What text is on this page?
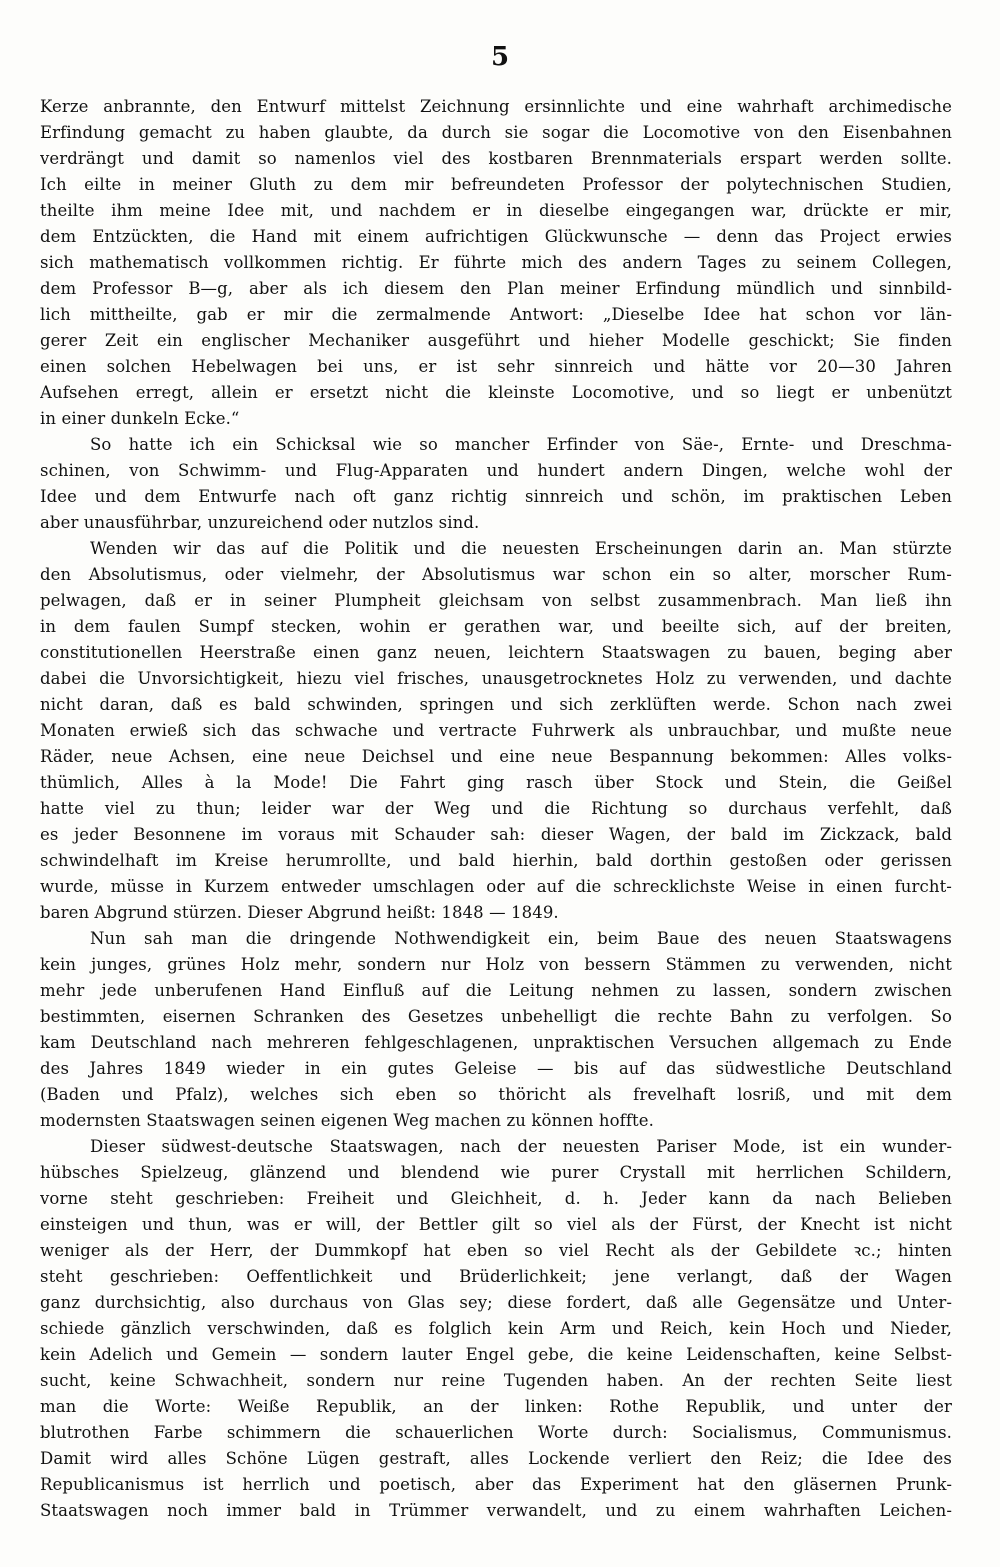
5
Kerze anbrannte, den Entwurf mittelst Zeichnung ersinnlichte und eine wahrhaft archimedische
Erfindung gemacht zu haben glaubte, da durch sie sogar die Locomotive von den Eisenbahnen
verdrängt und damit so namenlos viel des kostbaren Brennmaterials erspart werden sollte.
Ich eilte in meiner Gluth zu dem mir befreundeten Professor der polytechnischen Studien,
theilte ihm meine Idee mit, und nachdem er in dieselbe eingegangen war, drückte er mir,
dem Entzückten, die Hand mit einem aufrichtigen Glückwunsche — denn das Project erwies
sich mathematisch vollkommen richtig. Er führte mich des andern Tages zu seinem Collegen,
dem Professor B—g, aber als ich diesem den Plan meiner Erfindung mündlich und sinnbild-
lich mittheilte, gab er mir die zermalmende Antwort: „Dieselbe Idee hat schon vor län-
gerer Zeit ein englischer Mechaniker ausgeführt und hieher Modelle geschickt; Sie finden
einen solchen Hebelwagen bei uns, er ist sehr sinnreich und hätte vor 20—30 Jahren
Aufsehen erregt, allein er ersetzt nicht die kleinste Locomotive, und so liegt er unbenützt
in einer dunkeln Ecke.“
So hatte ich ein Schicksal wie so mancher Erfinder von Säe-, Ernte- und Dreschma-
schinen, von Schwimm- und Flug-Apparaten und hundert andern Dingen, welche wohl der
Idee und dem Entwurfe nach oft ganz richtig sinnreich und schön, im praktischen Leben
aber unausführbar, unzureichend oder nutzlos sind.
Wenden wir das auf die Politik und die neuesten Erscheinungen darin an. Man stürzte
den Absolutismus, oder vielmehr, der Absolutismus war schon ein so alter, morscher Rum-
pelwagen, daß er in seiner Plumpheit gleichsam von selbst zusammenbrach. Man ließ ihn
in dem faulen Sumpf stecken, wohin er gerathen war, und beeilte sich, auf der breiten,
constitutionellen Heerstraße einen ganz neuen, leichtern Staatswagen zu bauen, beging aber
dabei die Unvorsichtigkeit, hiezu viel frisches, unausgetrocknetes Holz zu verwenden, und dachte
nicht daran, daß es bald schwinden, springen und sich zerklüften werde. Schon nach zwei
Monaten erwieß sich das schwache und vertracte Fuhrwerk als unbrauchbar, und mußte neue
Räder, neue Achsen, eine neue Deichsel und eine neue Bespannung bekommen: Alles volks-
thümlich, Alles à la Mode! Die Fahrt ging rasch über Stock und Stein, die Geißel
hatte viel zu thun; leider war der Weg und die Richtung so durchaus verfehlt, daß
es jeder Besonnene im voraus mit Schauder sah: dieser Wagen, der bald im Zickzack, bald
schwindelhaft im Kreise herumrollte, und bald hierhin, bald dorthin gestoßen oder gerissen
wurde, müsse in Kurzem entweder umschlagen oder auf die schrecklichste Weise in einen furcht-
baren Abgrund stürzen. Dieser Abgrund heißt: 1848 — 1849.
Nun sah man die dringende Nothwendigkeit ein, beim Baue des neuen Staatswagens
kein junges, grünes Holz mehr, sondern nur Holz von bessern Stämmen zu verwenden, nicht
mehr jede unberufenen Hand Einfluß auf die Leitung nehmen zu lassen, sondern zwischen
bestimmten, eisernen Schranken des Gesetzes unbehelligt die rechte Bahn zu verfolgen. So
kam Deutschland nach mehreren fehlgeschlagenen, unpraktischen Versuchen allgemach zu Ende
des Jahres 1849 wieder in ein gutes Geleise — bis auf das südwestliche Deutschland
(Baden und Pfalz), welches sich eben so thöricht als frevelhaft losriß, und mit dem
modernsten Staatswagen seinen eigenen Weg machen zu können hoffte.
Dieser südwest-deutsche Staatswagen, nach der neuesten Pariser Mode, ist ein wunder-
hübsches Spielzeug, glänzend und blendend wie purer Crystall mit herrlichen Schildern,
vorne steht geschrieben: Freiheit und Gleichheit, d. h. Jeder kann da nach Belieben
einsteigen und thun, was er will, der Bettler gilt so viel als der Fürst, der Knecht ist nicht
weniger als der Herr, der Dummkopf hat eben so viel Recht als der Gebildete ꝛc.; hinten
steht geschrieben: Oeffentlichkeit und Brüderlichkeit; jene verlangt, daß der Wagen
ganz durchsichtig, also durchaus von Glas sey; diese fordert, daß alle Gegensätze und Unter-
schiede gänzlich verschwinden, daß es folglich kein Arm und Reich, kein Hoch und Nieder,
kein Adelich und Gemein — sondern lauter Engel gebe, die keine Leidenschaften, keine Selbst-
sucht, keine Schwachheit, sondern nur reine Tugenden haben. An der rechten Seite liest
man die Worte: Weiße Republik, an der linken: Rothe Republik, und unter der
blutrothen Farbe schimmern die schauerlichen Worte durch: Socialismus, Communismus.
Damit wird alles Schöne Lügen gestraft, alles Lockende verliert den Reiz; die Idee des
Republicanismus ist herrlich und poetisch, aber das Experiment hat den gläsernen Prunk-
Staatswagen noch immer bald in Trümmer verwandelt, und zu einem wahrhaften Leichen-
